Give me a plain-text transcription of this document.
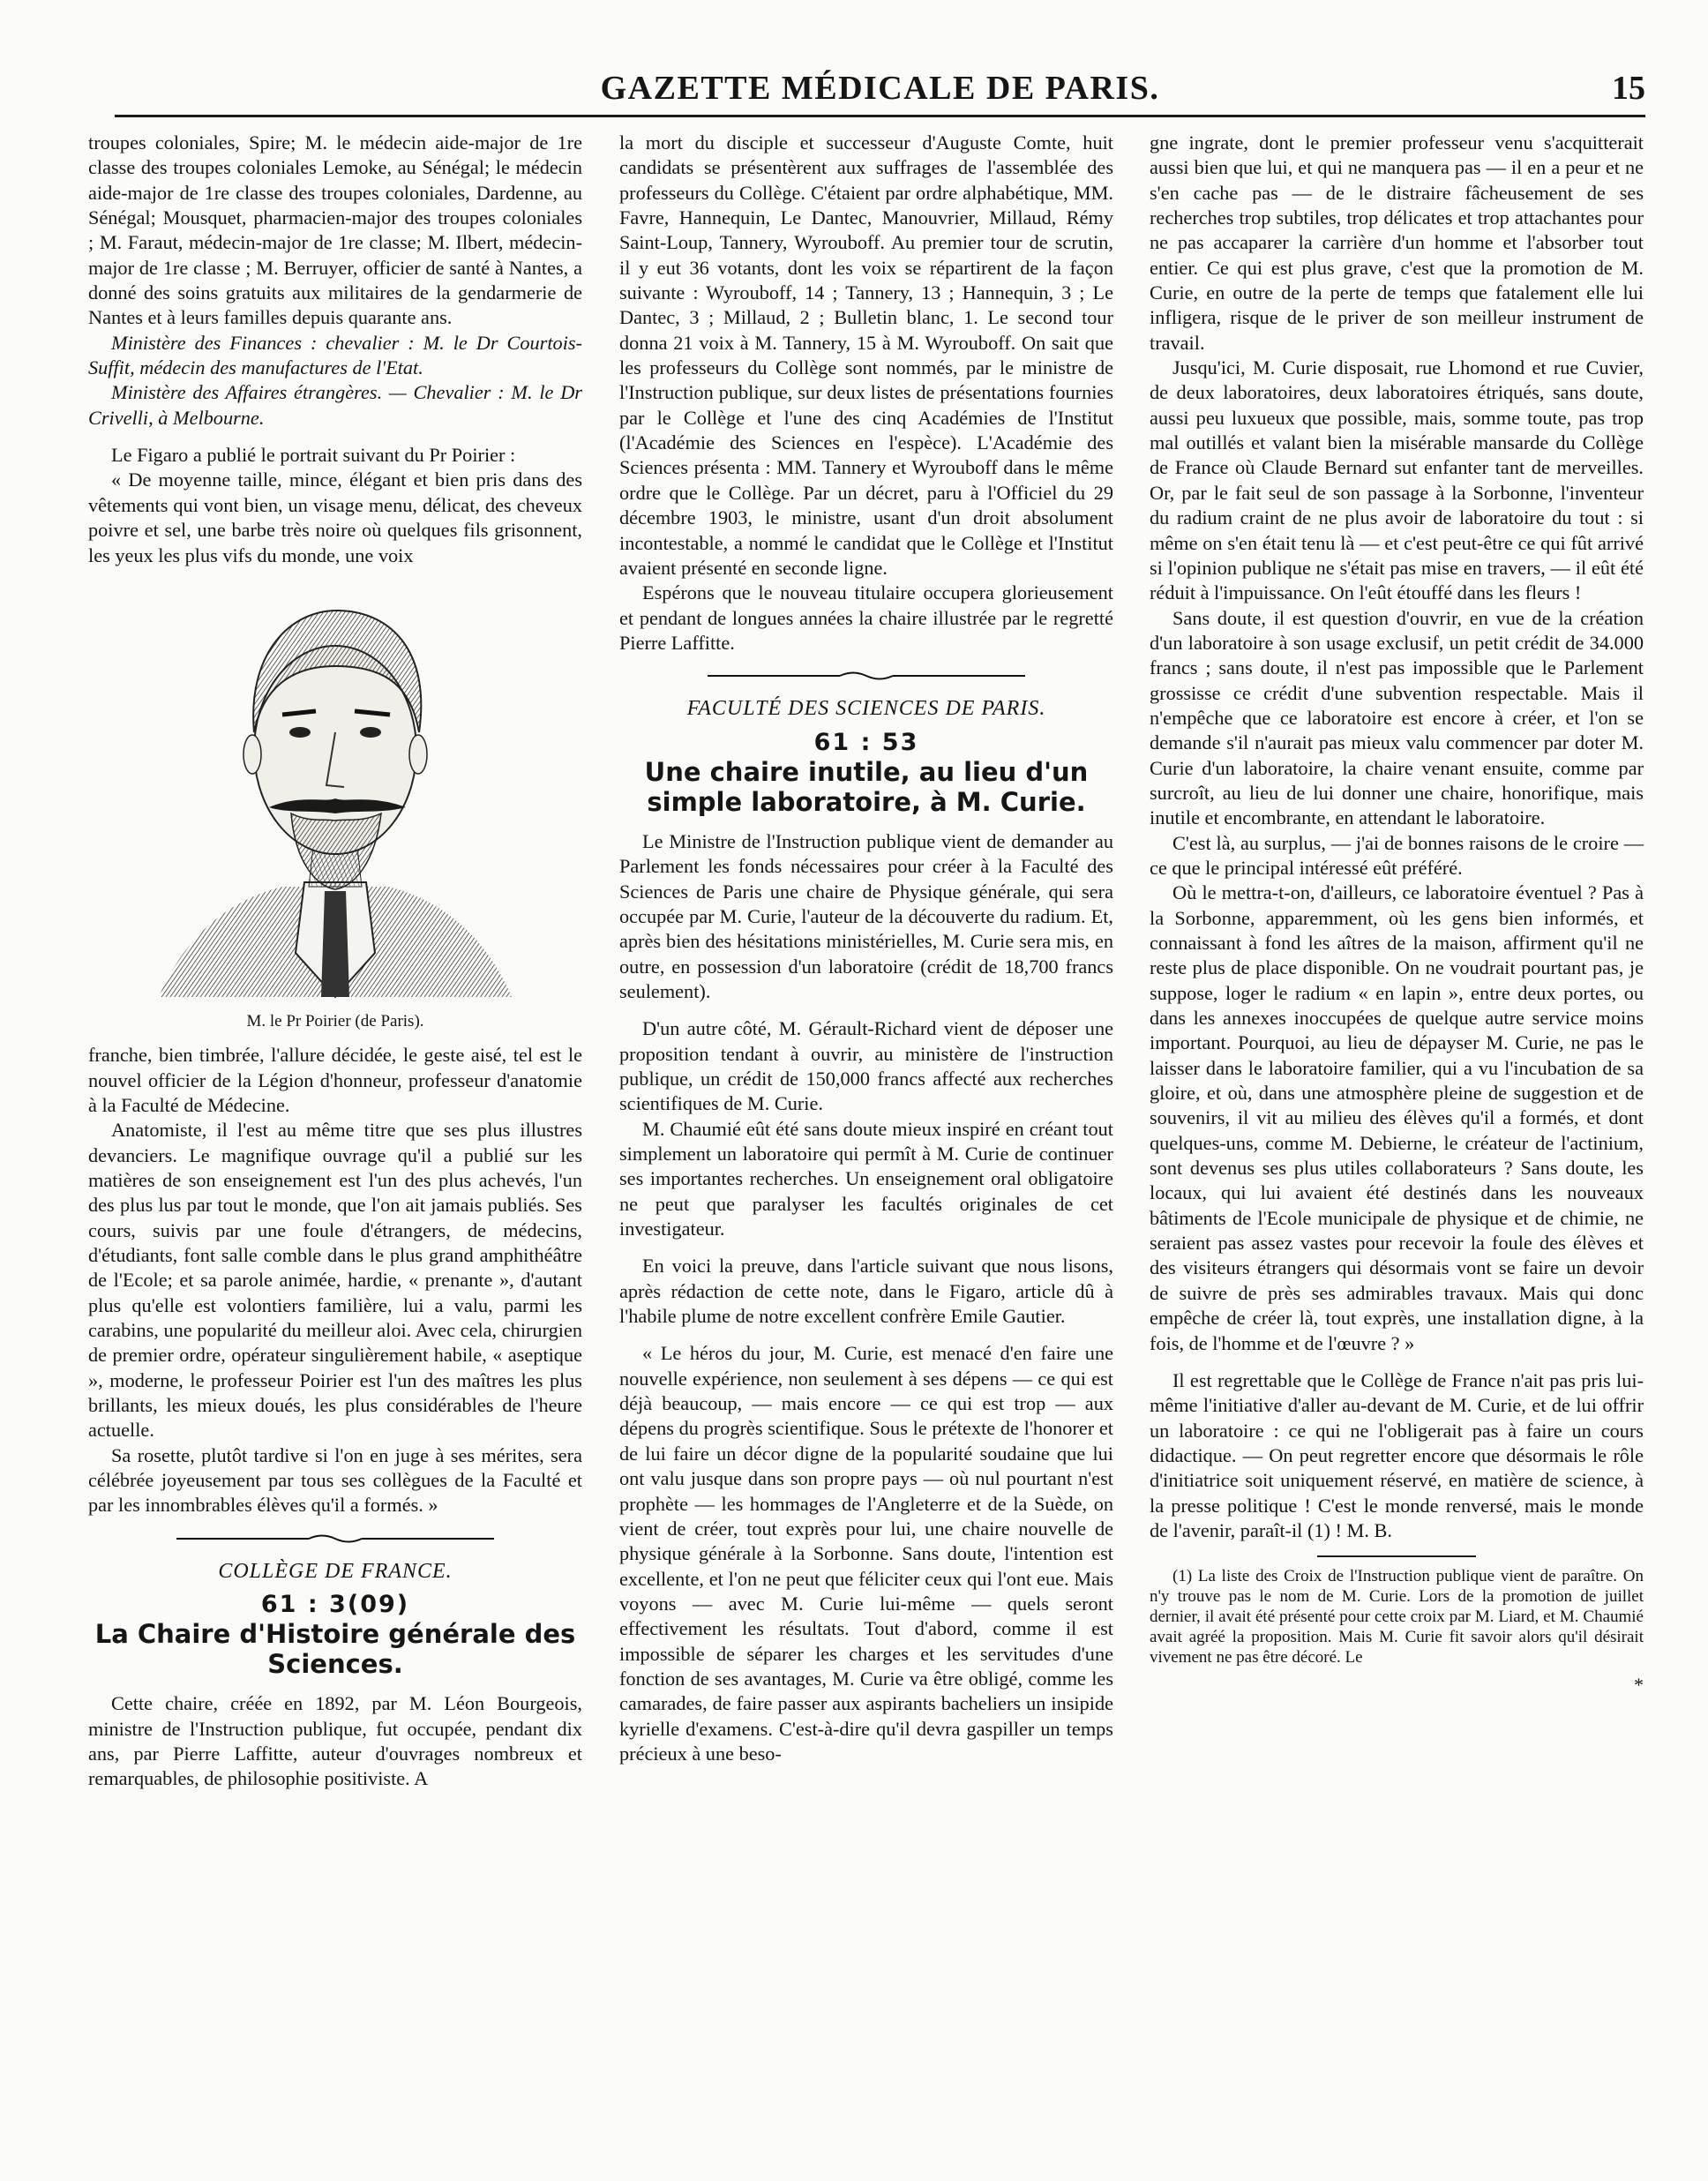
GAZETTE MÉDICALE DE PARIS.	15

troupes coloniales, Spire; M. le médecin aide-major de 1re classe des troupes coloniales Lemoke, au Sénégal; le médecin aide-major de 1re classe des troupes coloniales, Dardenne, au Sénégal; Mousquet, pharmacien-major des troupes coloniales ; M. Faraut, médecin-major de 1re classe; M. Ilbert, médecin-major de 1re classe ; M. Berruyer, officier de santé à Nantes, a donné des soins gratuits aux militaires de la gendarmerie de Nantes et à leurs familles depuis quarante ans.

Ministère des Finances : chevalier : M. le Dr Courtois-Suffit, médecin des manufactures de l'Etat.

Ministère des Affaires étrangères. — Chevalier : M. le Dr Crivelli, à Melbourne.

Le Figaro a publié le portrait suivant du Pr Poirier :

« De moyenne taille, mince, élégant et bien pris dans des vêtements qui vont bien, un visage menu, délicat, des cheveux poivre et sel, une barbe très noire où quelques fils grisonnent, les yeux les plus vifs du monde, une voix

M. le Pr Poirier (de Paris).

franche, bien timbrée, l'allure décidée, le geste aisé, tel est le nouvel officier de la Légion d'honneur, professeur d'anatomie à la Faculté de Médecine.

Anatomiste, il l'est au même titre que ses plus illustres devanciers. Le magnifique ouvrage qu'il a publié sur les matières de son enseignement est l'un des plus achevés, l'un des plus lus par tout le monde, que l'on ait jamais publiés. Ses cours, suivis par une foule d'étrangers, de médecins, d'étudiants, font salle comble dans le plus grand amphithéâtre de l'Ecole; et sa parole animée, hardie, « prenante », d'autant plus qu'elle est volontiers familière, lui a valu, parmi les carabins, une popularité du meilleur aloi. Avec cela, chirurgien de premier ordre, opérateur singulièrement habile, « aseptique », moderne, le professeur Poirier est l'un des maîtres les plus brillants, les mieux doués, les plus considérables de l'heure actuelle.

Sa rosette, plutôt tardive si l'on en juge à ses mérites, sera célébrée joyeusement par tous ses collègues de la Faculté et par les innombrables élèves qu'il a formés. »

COLLÈGE DE FRANCE.
61 : 3(09)
La Chaire d'Histoire générale des Sciences.

Cette chaire, créée en 1892, par M. Léon Bourgeois, ministre de l'Instruction publique, fut occupée, pendant dix ans, par Pierre Laffitte, auteur d'ouvrages nombreux et remarquables, de philosophie positiviste. A

la mort du disciple et successeur d'Auguste Comte, huit candidats se présentèrent aux suffrages de l'assemblée des professeurs du Collège. C'étaient par ordre alphabétique, MM. Favre, Hannequin, Le Dantec, Manouvrier, Millaud, Rémy Saint-Loup, Tannery, Wyrouboff. Au premier tour de scrutin, il y eut 36 votants, dont les voix se répartirent de la façon suivante : Wyrouboff, 14 ; Tannery, 13 ; Hannequin, 3 ; Le Dantec, 3 ; Millaud, 2 ; Bulletin blanc, 1. Le second tour donna 21 voix à M. Tannery, 15 à M. Wyrouboff. On sait que les professeurs du Collège sont nommés, par le ministre de l'Instruction publique, sur deux listes de présentations fournies par le Collège et l'une des cinq Académies de l'Institut (l'Académie des Sciences en l'espèce). L'Académie des Sciences présenta : MM. Tannery et Wyrouboff dans le même ordre que le Collège. Par un décret, paru à l'Officiel du 29 décembre 1903, le ministre, usant d'un droit absolument incontestable, a nommé le candidat que le Collège et l'Institut avaient présenté en seconde ligne.

Espérons que le nouveau titulaire occupera glorieusement et pendant de longues années la chaire illustrée par le regretté Pierre Laffitte.

FACULTÉ DES SCIENCES DE PARIS.
61 : 53
Une chaire inutile, au lieu d'un simple laboratoire, à M. Curie.

Le Ministre de l'Instruction publique vient de demander au Parlement les fonds nécessaires pour créer à la Faculté des Sciences de Paris une chaire de Physique générale, qui sera occupée par M. Curie, l'auteur de la découverte du radium. Et, après bien des hésitations ministérielles, M. Curie sera mis, en outre, en possession d'un laboratoire (crédit de 18,700 francs seulement).

D'un autre côté, M. Gérault-Richard vient de déposer une proposition tendant à ouvrir, au ministère de l'instruction publique, un crédit de 150,000 francs affecté aux recherches scientifiques de M. Curie.

M. Chaumié eût été sans doute mieux inspiré en créant tout simplement un laboratoire qui permît à M. Curie de continuer ses importantes recherches. Un enseignement oral obligatoire ne peut que paralyser les facultés originales de cet investigateur.

En voici la preuve, dans l'article suivant que nous lisons, après rédaction de cette note, dans le Figaro, article dû à l'habile plume de notre excellent confrère Emile Gautier.

« Le héros du jour, M. Curie, est menacé d'en faire une nouvelle expérience, non seulement à ses dépens — ce qui est déjà beaucoup, — mais encore — ce qui est trop — aux dépens du progrès scientifique. Sous le prétexte de l'honorer et de lui faire un décor digne de la popularité soudaine que lui ont valu jusque dans son propre pays — où nul pourtant n'est prophète — les hommages de l'Angleterre et de la Suède, on vient de créer, tout exprès pour lui, une chaire nouvelle de physique générale à la Sorbonne. Sans doute, l'intention est excellente, et l'on ne peut que féliciter ceux qui l'ont eue. Mais voyons — avec M. Curie lui-même — quels seront effectivement les résultats. Tout d'abord, comme il est impossible de séparer les charges et les servitudes d'une fonction de ses avantages, M. Curie va être obligé, comme les camarades, de faire passer aux aspirants bacheliers un insipide kyrielle d'examens. C'est-à-dire qu'il devra gaspiller un temps précieux à une beso-

gne ingrate, dont le premier professeur venu s'acquitterait aussi bien que lui, et qui ne manquera pas — il en a peur et ne s'en cache pas — de le distraire fâcheusement de ses recherches trop subtiles, trop délicates et trop attachantes pour ne pas accaparer la carrière d'un homme et l'absorber tout entier. Ce qui est plus grave, c'est que la promotion de M. Curie, en outre de la perte de temps que fatalement elle lui infligera, risque de le priver de son meilleur instrument de travail.

Jusqu'ici, M. Curie disposait, rue Lhomond et rue Cuvier, de deux laboratoires, deux laboratoires étriqués, sans doute, aussi peu luxueux que possible, mais, somme toute, pas trop mal outillés et valant bien la misérable mansarde du Collège de France où Claude Bernard sut enfanter tant de merveilles. Or, par le fait seul de son passage à la Sorbonne, l'inventeur du radium craint de ne plus avoir de laboratoire du tout : si même on s'en était tenu là — et c'est peut-être ce qui fût arrivé si l'opinion publique ne s'était pas mise en travers, — il eût été réduit à l'impuissance. On l'eût étouffé dans les fleurs !

Sans doute, il est question d'ouvrir, en vue de la création d'un laboratoire à son usage exclusif, un petit crédit de 34.000 francs ; sans doute, il n'est pas impossible que le Parlement grossisse ce crédit d'une subvention respectable. Mais il n'empêche que ce laboratoire est encore à créer, et l'on se demande s'il n'aurait pas mieux valu commencer par doter M. Curie d'un laboratoire, la chaire venant ensuite, comme par surcroît, au lieu de lui donner une chaire, honorifique, mais inutile et encombrante, en attendant le laboratoire.

C'est là, au surplus, — j'ai de bonnes raisons de le croire — ce que le principal intéressé eût préféré.

Où le mettra-t-on, d'ailleurs, ce laboratoire éventuel ? Pas à la Sorbonne, apparemment, où les gens bien informés, et connaissant à fond les aîtres de la maison, affirment qu'il ne reste plus de place disponible. On ne voudrait pourtant pas, je suppose, loger le radium « en lapin », entre deux portes, ou dans les annexes inoccupées de quelque autre service moins important. Pourquoi, au lieu de dépayser M. Curie, ne pas le laisser dans le laboratoire familier, qui a vu l'incubation de sa gloire, et où, dans une atmosphère pleine de suggestion et de souvenirs, il vit au milieu des élèves qu'il a formés, et dont quelques-uns, comme M. Debierne, le créateur de l'actinium, sont devenus ses plus utiles collaborateurs ? Sans doute, les locaux, qui lui avaient été destinés dans les nouveaux bâtiments de l'Ecole municipale de physique et de chimie, ne seraient pas assez vastes pour recevoir la foule des élèves et des visiteurs étrangers qui désormais vont se faire un devoir de suivre de près ses admirables travaux. Mais qui donc empêche de créer là, tout exprès, une installation digne, à la fois, de l'homme et de l'œuvre ? »

Il est regrettable que le Collège de France n'ait pas pris lui-même l'initiative d'aller au-devant de M. Curie, et de lui offrir un laboratoire : ce qui ne l'obligerait pas à faire un cours didactique. — On peut regretter encore que désormais le rôle d'initiatrice soit uniquement réservé, en matière de science, à la presse politique ! C'est le monde renversé, mais le monde de l'avenir, paraît-il (1) ! M. B.

(1) La liste des Croix de l'Instruction publique vient de paraître. On n'y trouve pas le nom de M. Curie. Lors de la promotion de juillet dernier, il avait été présenté pour cette croix par M. Liard, et M. Chaumié avait agréé la proposition. Mais M. Curie fit savoir alors qu'il désirait vivement ne pas être décoré. Le

*
